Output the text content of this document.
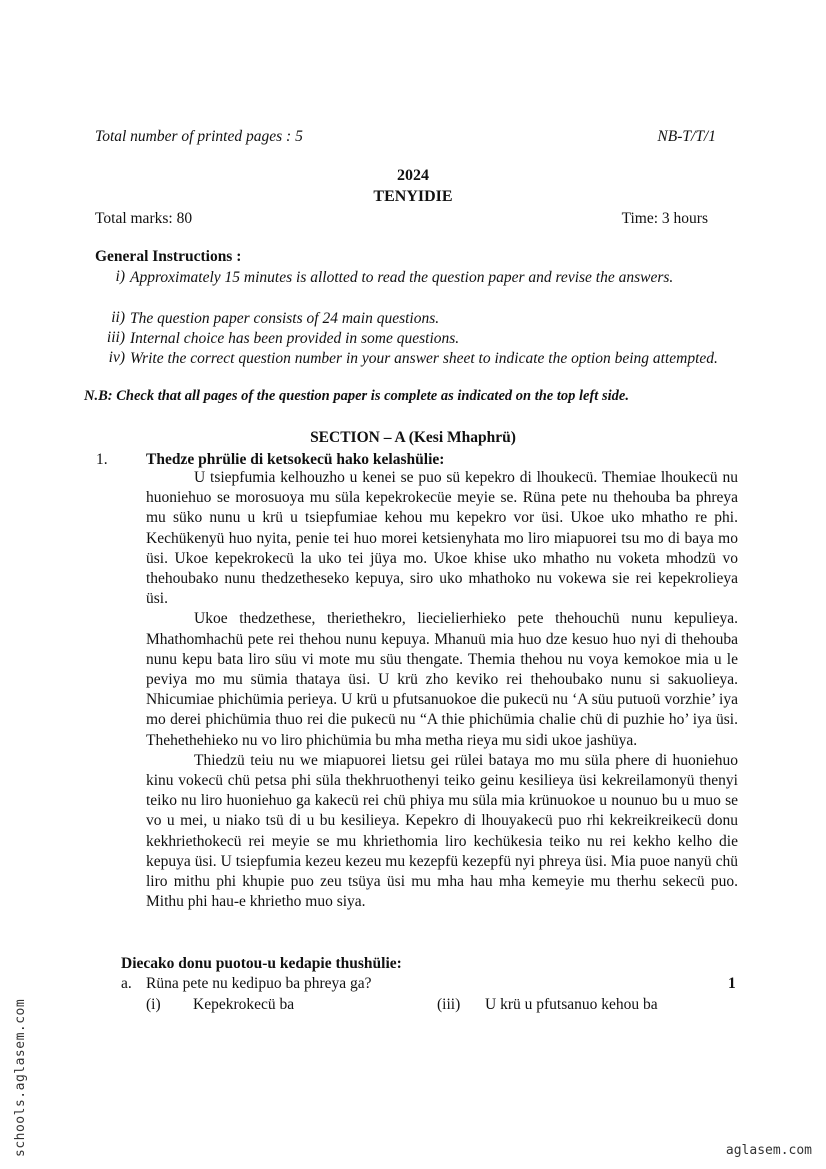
Total number of printed pages : 5	NB-T/T/1
2024
TENYIDIE
Total marks: 80	Time: 3 hours
General Instructions :
i) Approximately 15 minutes is allotted to read the question paper and revise the answers.
ii) The question paper consists of 24 main questions.
iii) Internal choice has been provided in some questions.
iv) Write the correct question number in your answer sheet to indicate the option being attempted.
N.B: Check that all pages of the question paper is complete as indicated on the top left side.
SECTION – A (Kesi Mhaphrü)
1. Thedze phrülie di ketsokecü hako kelashülie:

U tsiepfumia kelhouzho u kenei se puo sü kepekro di lhoukecü. Themiae lhoukecü nu huoniehuo se morosuoya mu süla kepekrokecüe meyie se. Rüna pete nu thehouba ba phreya mu süko nunu u krü u tsiepfumiae kehou mu kepekro vor üsi. Ukoe uko mhatho re phi. Kechükenyü huo nyita, penie tei huo morei ketsienyhata mo liro miapuorei tsu mo di baya mo üsi. Ukoe kepekrokecü la uko tei jüya mo. Ukoe khise uko mhatho nu voketa mhodzü vo thehoubako nunu thedzetheseko kepuya, siro uko mhathoko nu vokewa sie rei kepekrolieya üsi.

Ukoe thedzethese, theriethekro, liecielierhieko pete thehouchü nunu kepulieya. Mhathomhachü pete rei thehou nunu kepuya. Mhanuü mia huo dze kesuo huo nyi di thehouba nunu kepu bata liro süu vi mote mu süu thengate. Themia thehou nu voya kemokoe mia u le peviya mo mu sümia thataya üsi. U krü zho keviko rei thehoubako nunu si sakuolieya. Nhicumiae phichümia perieya. U krü u pfutsanuokoe die pukecü nu ‘A süu putuoü vorzhie’ iya mo derei phichümia thuo rei die pukecü nu “A thie phichümia chalie chü di puzhie ho’ iya üsi. Thehethehieko nu vo liro phichümia bu mha metha rieya mu sidi ukoe jashüya.

Thiedzü teiu nu we miapuorei lietsu gei rülei bataya mo mu süla phere di huoniehuo kinu vokecü chü petsa phi süla thekhruothenyi teiko geinu kesilieya üsi kekreilamonyü thenyi teiko nu liro huoniehuo ga kakecü rei chü phiya mu süla mia krünuokoe u nounuo bu u muo se vo u mei, u niako tsü di u bu kesilieya. Kepekro di lhouyakecü puo rhi kekreikreikecü donu kekhriethokecü rei meyie se mu khriethomia liro kechükesia teiko nu rei kekho kelho die kepuya üsi. U tsiepfumia kezeu kezeu mu kezepfü kezepfü nyi phreya üsi. Mia puoe nanyü chü liro mithu phi khupie puo zeu tsüya üsi mu mha hau mha kemeyie mu therhu sekecü puo. Mithu phi hau-e khriethо muo siya.

Diecako donu puotou-u kedapie thushülie:
a. Rüna pete nu kedipuo ba phreya ga?	1
(i) Kepekrokecü ba	(iii) U krü u pfutsanuo kehou ba
schools.aglasem.com	aglasem.com
